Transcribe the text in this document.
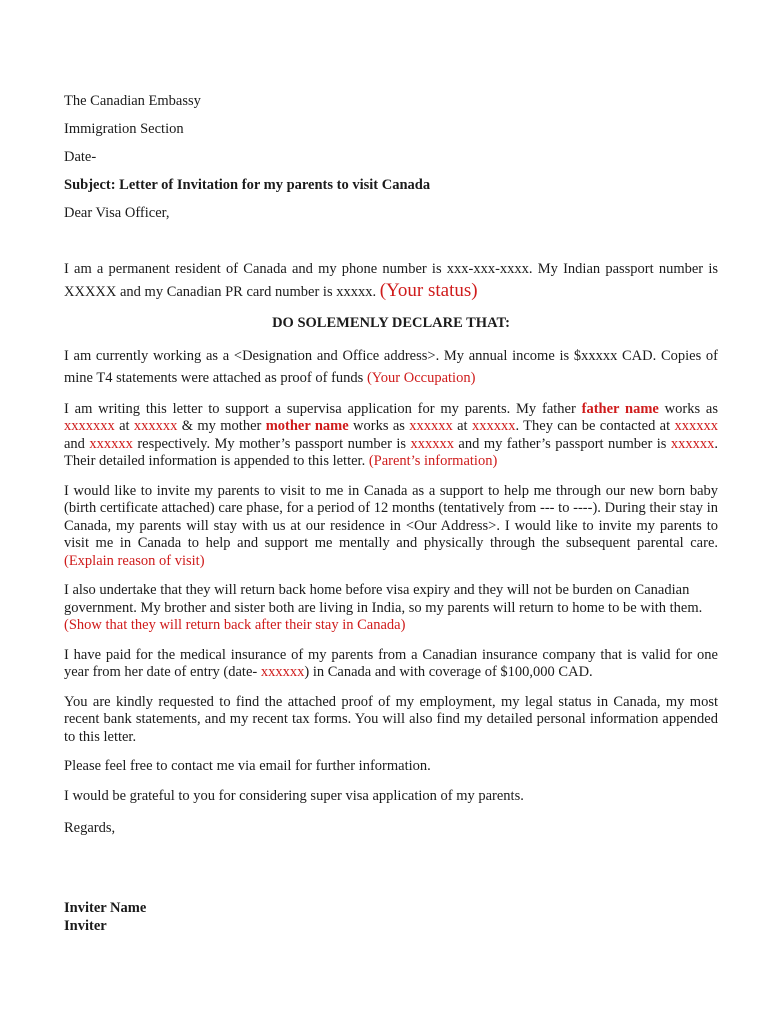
The Canadian Embassy

Immigration Section

Date-

Subject: Letter of Invitation for my parents to visit Canada

Dear Visa Officer,

I am a permanent resident of Canada and my phone number is xxx-xxx-xxxx. My Indian passport number is XXXXX and my Canadian PR card number is xxxxx. (Your status)

DO SOLEMENLY DECLARE THAT:

I am currently working as a <Designation and Office address>. My annual income is $xxxxx CAD. Copies of mine T4 statements were attached as proof of funds (Your Occupation)

I am writing this letter to support a supervisa application for my parents. My father father name works as xxxxxxx at xxxxxx & my mother mother name works as xxxxxx at xxxxxx. They can be contacted at xxxxxx and xxxxxx respectively. My mother’s passport number is xxxxxx and my father’s passport number is xxxxxx. Their detailed information is appended to this letter. (Parent’s information)

I would like to invite my parents to visit to me in Canada as a support to help me through our new born baby (birth certificate attached) care phase, for a period of 12 months (tentatively from --- to ----). During their stay in Canada, my parents will stay with us at our residence in <Our Address>. I would like to invite my parents to visit me in Canada to help and support me mentally and physically through the subsequent parental care. (Explain reason of visit)

I also undertake that they will return back home before visa expiry and they will not be burden on Canadian government. My brother and sister both are living in India, so my parents will return to home to be with them. (Show that they will return back after their stay in Canada)

I have paid for the medical insurance of my parents from a Canadian insurance company that is valid for one year from her date of entry (date- xxxxxx) in Canada and with coverage of $100,000 CAD.

You are kindly requested to find the attached proof of my employment, my legal status in Canada, my most recent bank statements, and my recent tax forms. You will also find my detailed personal information appended to this letter.

Please feel free to contact me via email for further information.

I would be grateful to you for considering super visa application of my parents.

Regards,

Inviter Name

Inviter
